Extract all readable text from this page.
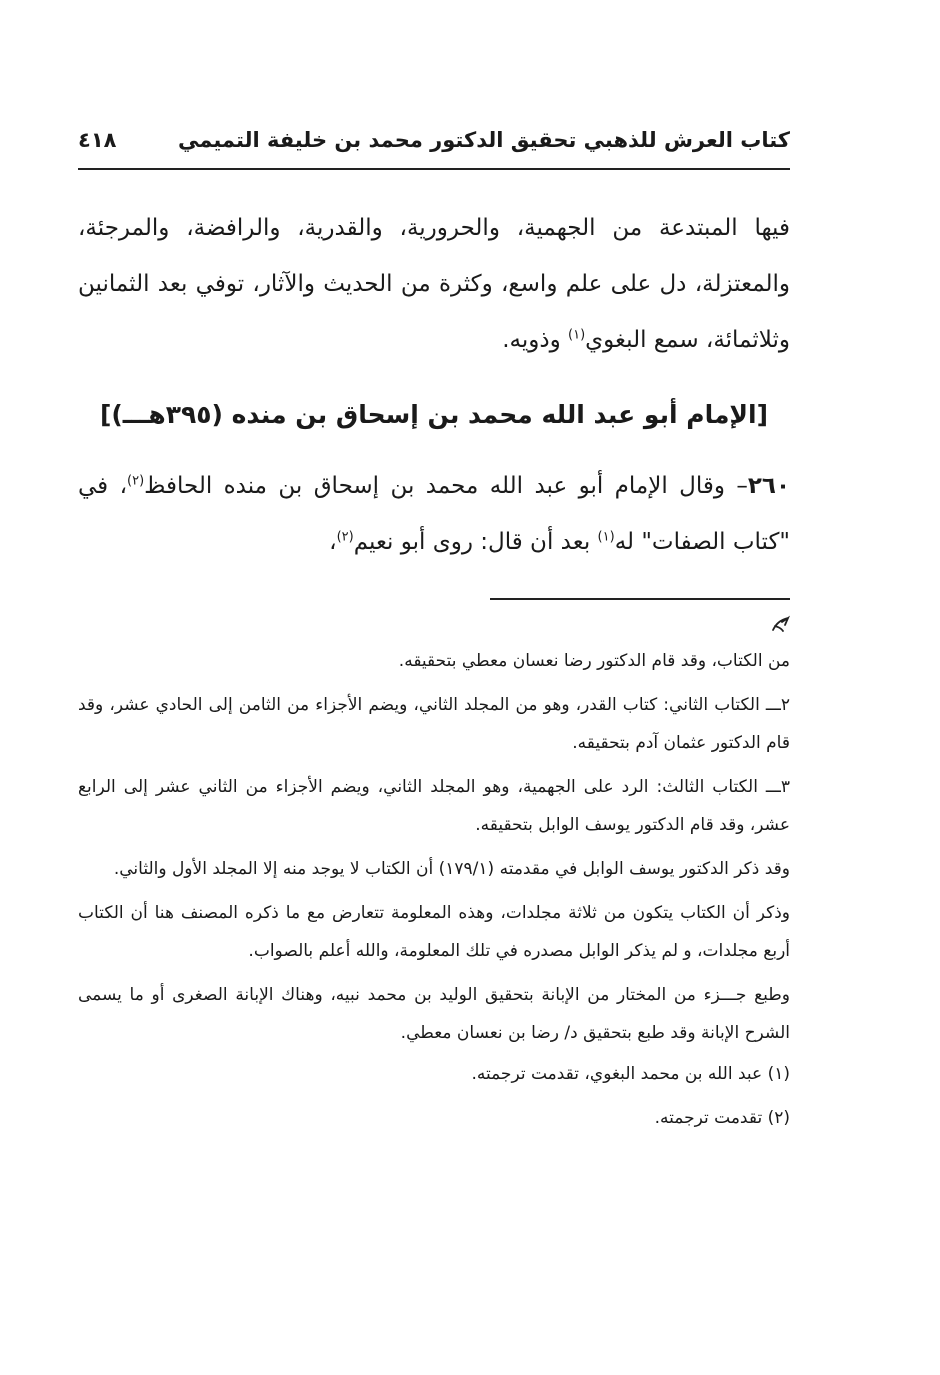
كتاب العرش للذهبي تحقيق الدكتور محمد بن خليفة التميمي
٤١٨

فيها المبتدعة من الجهمية، والحرورية، والقدرية، والرافضة، والمرجئة، والمعتزلة، دل على علم واسع، وكثرة من الحديث والآثار، توفي بعد الثمانين وثلاثمائة، سمع البغوي$^{(١)}$ وذويه.

[الإمام أبو عبد الله محمد بن إسحاق بن منده (٣٩٥هـــ)]

٢٦٠– وقال الإمام أبو عبد الله محمد بن إسحاق بن منده الحافظ$^{(٢)}$، في "كتاب الصفات" له$^{(١)}$ بعد أن قال: روى أبو نعيم$^{(٢)}$،

من الكتاب، وقد قام الدكتور رضا نعسان معطي بتحقيقه.

٢ـــ الكتاب الثاني: كتاب القدر، وهو من المجلد الثاني، ويضم الأجزاء من الثامن إلى الحادي عشر، وقد قام الدكتور عثمان آدم بتحقيقه.

٣ـــ الكتاب الثالث: الرد على الجهمية، وهو المجلد الثاني، ويضم الأجزاء من الثاني عشر إلى الرابع عشر، وقد قام الدكتور يوسف الوابل بتحقيقه.

وقد ذكر الدكتور يوسف الوابل في مقدمته (١٧٩/١) أن الكتاب لا يوجد منه إلا المجلد الأول والثاني.

وذكر أن الكتاب يتكون من ثلاثة مجلدات، وهذه المعلومة تتعارض مع ما ذكره المصنف هنا أن الكتاب أربع مجلدات، و لم يذكر الوابل مصدره في تلك المعلومة، والله أعلم بالصواب.

وطبع جـــزء من المختار من الإبانة بتحقيق الوليد بن محمد نبيه، وهناك الإبانة الصغرى أو ما يسمى الشرح الإبانة وقد طبع بتحقيق د/ رضا بن نعسان معطي.

(١) عبد الله بن محمد البغوي، تقدمت ترجمته.

(٢) تقدمت ترجمته.
